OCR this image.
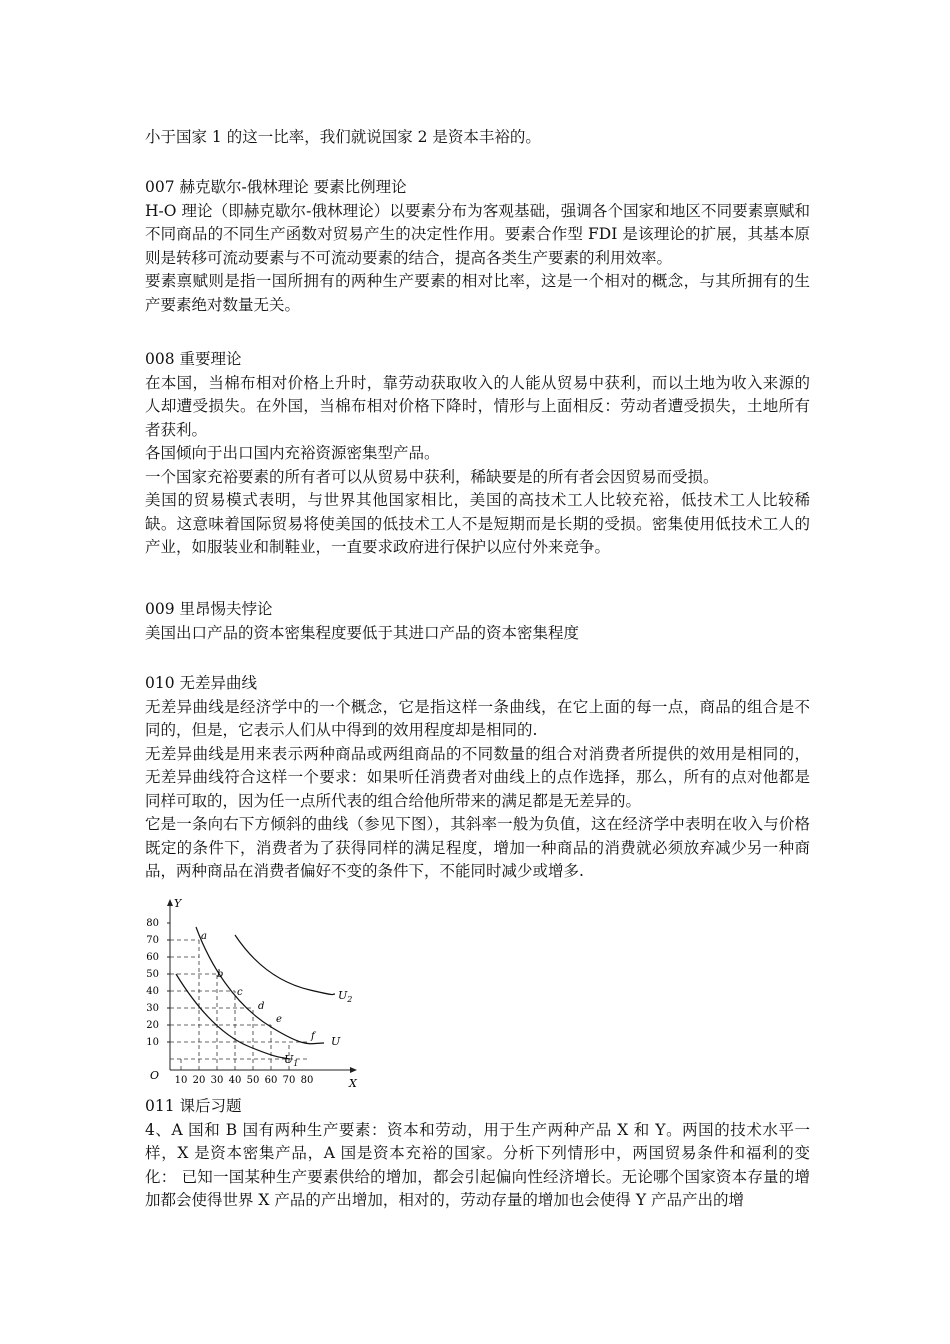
小于国家 1 的这一比率，我们就说国家 2 是资本丰裕的。

007 赫克歇尔-俄林理论 要素比例理论

H-O 理论（即赫克歇尔-俄林理论）以要素分布为客观基础，强调各个国家和地区不同要素禀赋和不同商品的不同生产函数对贸易产生的决定性作用。要素合作型 FDI 是该理论的扩展，其基本原则是转移可流动要素与不可流动要素的结合，提高各类生产要素的利用效率。

要素禀赋则是指一国所拥有的两种生产要素的相对比率，这是一个相对的概念，与其所拥有的生产要素绝对数量无关。

008 重要理论

在本国，当棉布相对价格上升时，靠劳动获取收入的人能从贸易中获利，而以土地为收入来源的人却遭受损失。在外国，当棉布相对价格下降时，情形与上面相反：劳动者遭受损失，土地所有者获利。

各国倾向于出口国内充裕资源密集型产品。

一个国家充裕要素的所有者可以从贸易中获利，稀缺要是的所有者会因贸易而受损。

美国的贸易模式表明，与世界其他国家相比，美国的高技术工人比较充裕，低技术工人比较稀缺。这意味着国际贸易将使美国的低技术工人不是短期而是长期的受损。密集使用低技术工人的产业，如服装业和制鞋业，一直要求政府进行保护以应付外来竞争。

009 里昂惕夫悖论

美国出口产品的资本密集程度要低于其进口产品的资本密集程度

010 无差异曲线

无差异曲线是经济学中的一个概念，它是指这样一条曲线，在它上面的每一点，商品的组合是不同的，但是，它表示人们从中得到的效用程度却是相同的.

无差异曲线是用来表示两种商品或两组商品的不同数量的组合对消费者所提供的效用是相同的，无差异曲线符合这样一个要求：如果听任消费者对曲线上的点作选择，那么，所有的点对他都是同样可取的，因为任一点所代表的组合给他所带来的满足都是无差异的。

它是一条向右下方倾斜的曲线（参见下图），其斜率一般为负值，这在经济学中表明在收入与价格既定的条件下，消费者为了获得同样的满足程度，增加一种商品的消费就必须放弃减少另一种商品，两种商品在消费者偏好不变的条件下，不能同时减少或增多.

Y
X
O
80
70
60
50
40
30
20
10
10 20 30 40 50 60 70 80
a
b
c
d
e
f U
$U_1$
$U_2$

011 课后习题

4、A 国和 B 国有两种生产要素：资本和劳动，用于生产两种产品 X 和 Y。两国的技术水平一样，X 是资本密集产品，A 国是资本充裕的国家。分析下列情形中，两国贸易条件和福利的变化： 已知一国某种生产要素供给的增加，都会引起偏向性经济增长。无论哪个国家资本存量的增加都会使得世界 X 产品的产出增加，相对的，劳动存量的增加也会使得 Y 产品产出的增
